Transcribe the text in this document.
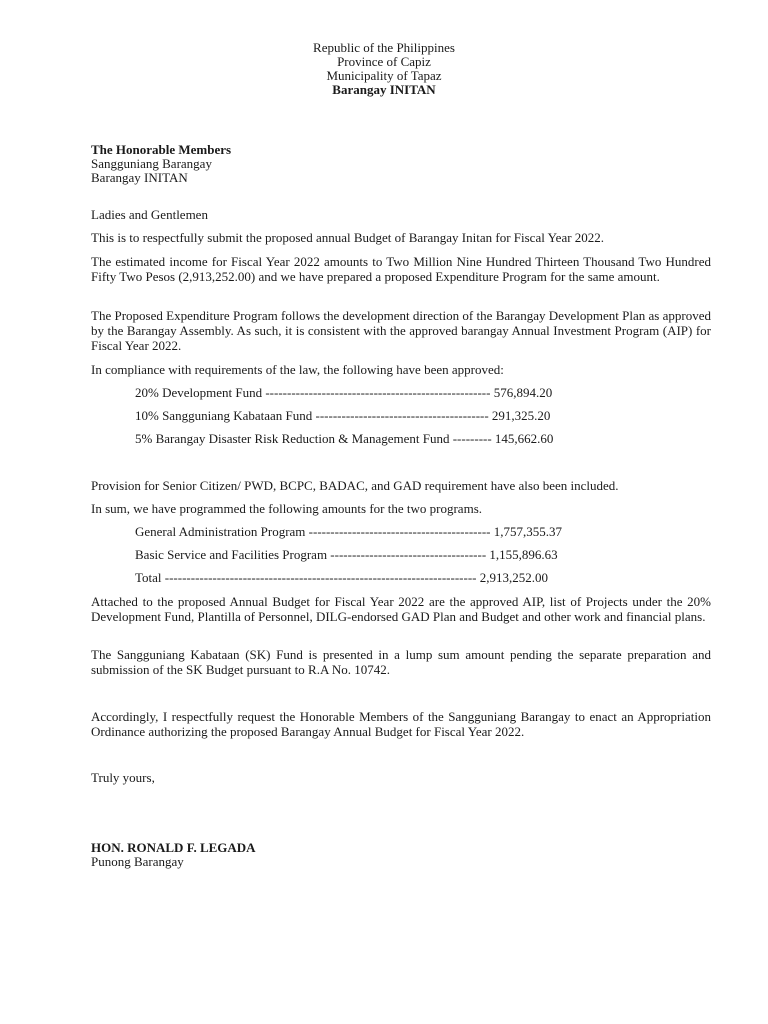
Republic of the Philippines
Province of Capiz
Municipality of Tapaz
Barangay INITAN
The Honorable Members
Sangguniang Barangay
Barangay INITAN
Ladies and Gentlemen
This is to respectfully submit the proposed annual Budget of Barangay Initan for Fiscal Year 2022.
The estimated income for Fiscal Year 2022 amounts to Two Million Nine Hundred Thirteen Thousand Two Hundred Fifty Two Pesos (2,913,252.00) and we have prepared a proposed Expenditure Program for the same amount.
The Proposed Expenditure Program follows the development direction of the Barangay Development Plan as approved by the Barangay Assembly. As such, it is consistent with the approved barangay Annual Investment Program (AIP) for Fiscal Year 2022.
In compliance with requirements of the law, the following have been approved:
20% Development Fund ---------------------------------------------------- 576,894.20
10% Sangguniang Kabataan Fund ---------------------------------------- 291,325.20
5% Barangay Disaster Risk Reduction & Management Fund --------- 145,662.60
Provision for Senior Citizen/ PWD, BCPC, BADAC, and GAD requirement have also been included.
In sum, we have programmed the following amounts for the two programs.
General Administration Program ------------------------------------------ 1,757,355.37
Basic Service and Facilities Program ------------------------------------ 1,155,896.63
Total ------------------------------------------------------------------------ 2,913,252.00
Attached to the proposed Annual Budget for Fiscal Year 2022 are the approved AIP, list of Projects under the 20% Development Fund, Plantilla of Personnel, DILG-endorsed GAD Plan and Budget and other work and financial plans.
The Sangguniang Kabataan (SK) Fund is presented in a lump sum amount pending the separate preparation and submission of the SK Budget pursuant to R.A No. 10742.
Accordingly, I respectfully request the Honorable Members of the Sangguniang Barangay to enact an Appropriation Ordinance authorizing the proposed Barangay Annual Budget for Fiscal Year 2022.
Truly yours,
HON. RONALD F. LEGADA
Punong Barangay
